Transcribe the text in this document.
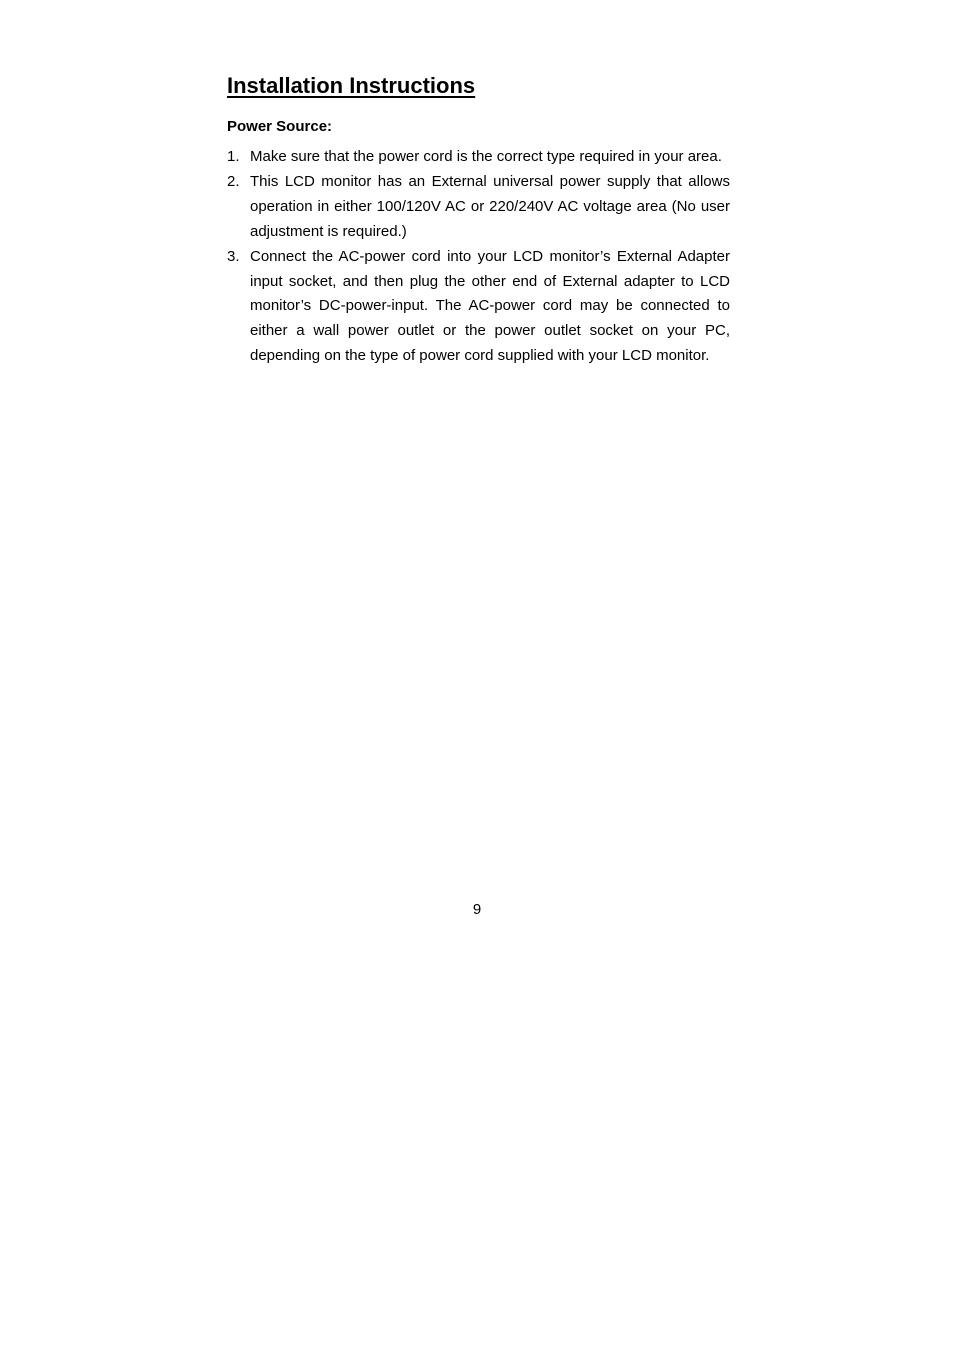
Installation Instructions
Power Source:
1. Make sure that the power cord is the correct type required in your area.
2. This LCD monitor has an External universal power supply that allows operation in either 100/120V AC or 220/240V AC voltage area (No user adjustment is required.)
3. Connect the AC-power cord into your LCD monitor’s External Adapter input socket, and then plug the other end of External adapter to LCD monitor’s DC-power-input. The AC-power cord may be connected to either a wall power outlet or the power outlet socket on your PC, depending on the type of power cord supplied with your LCD monitor.
9
